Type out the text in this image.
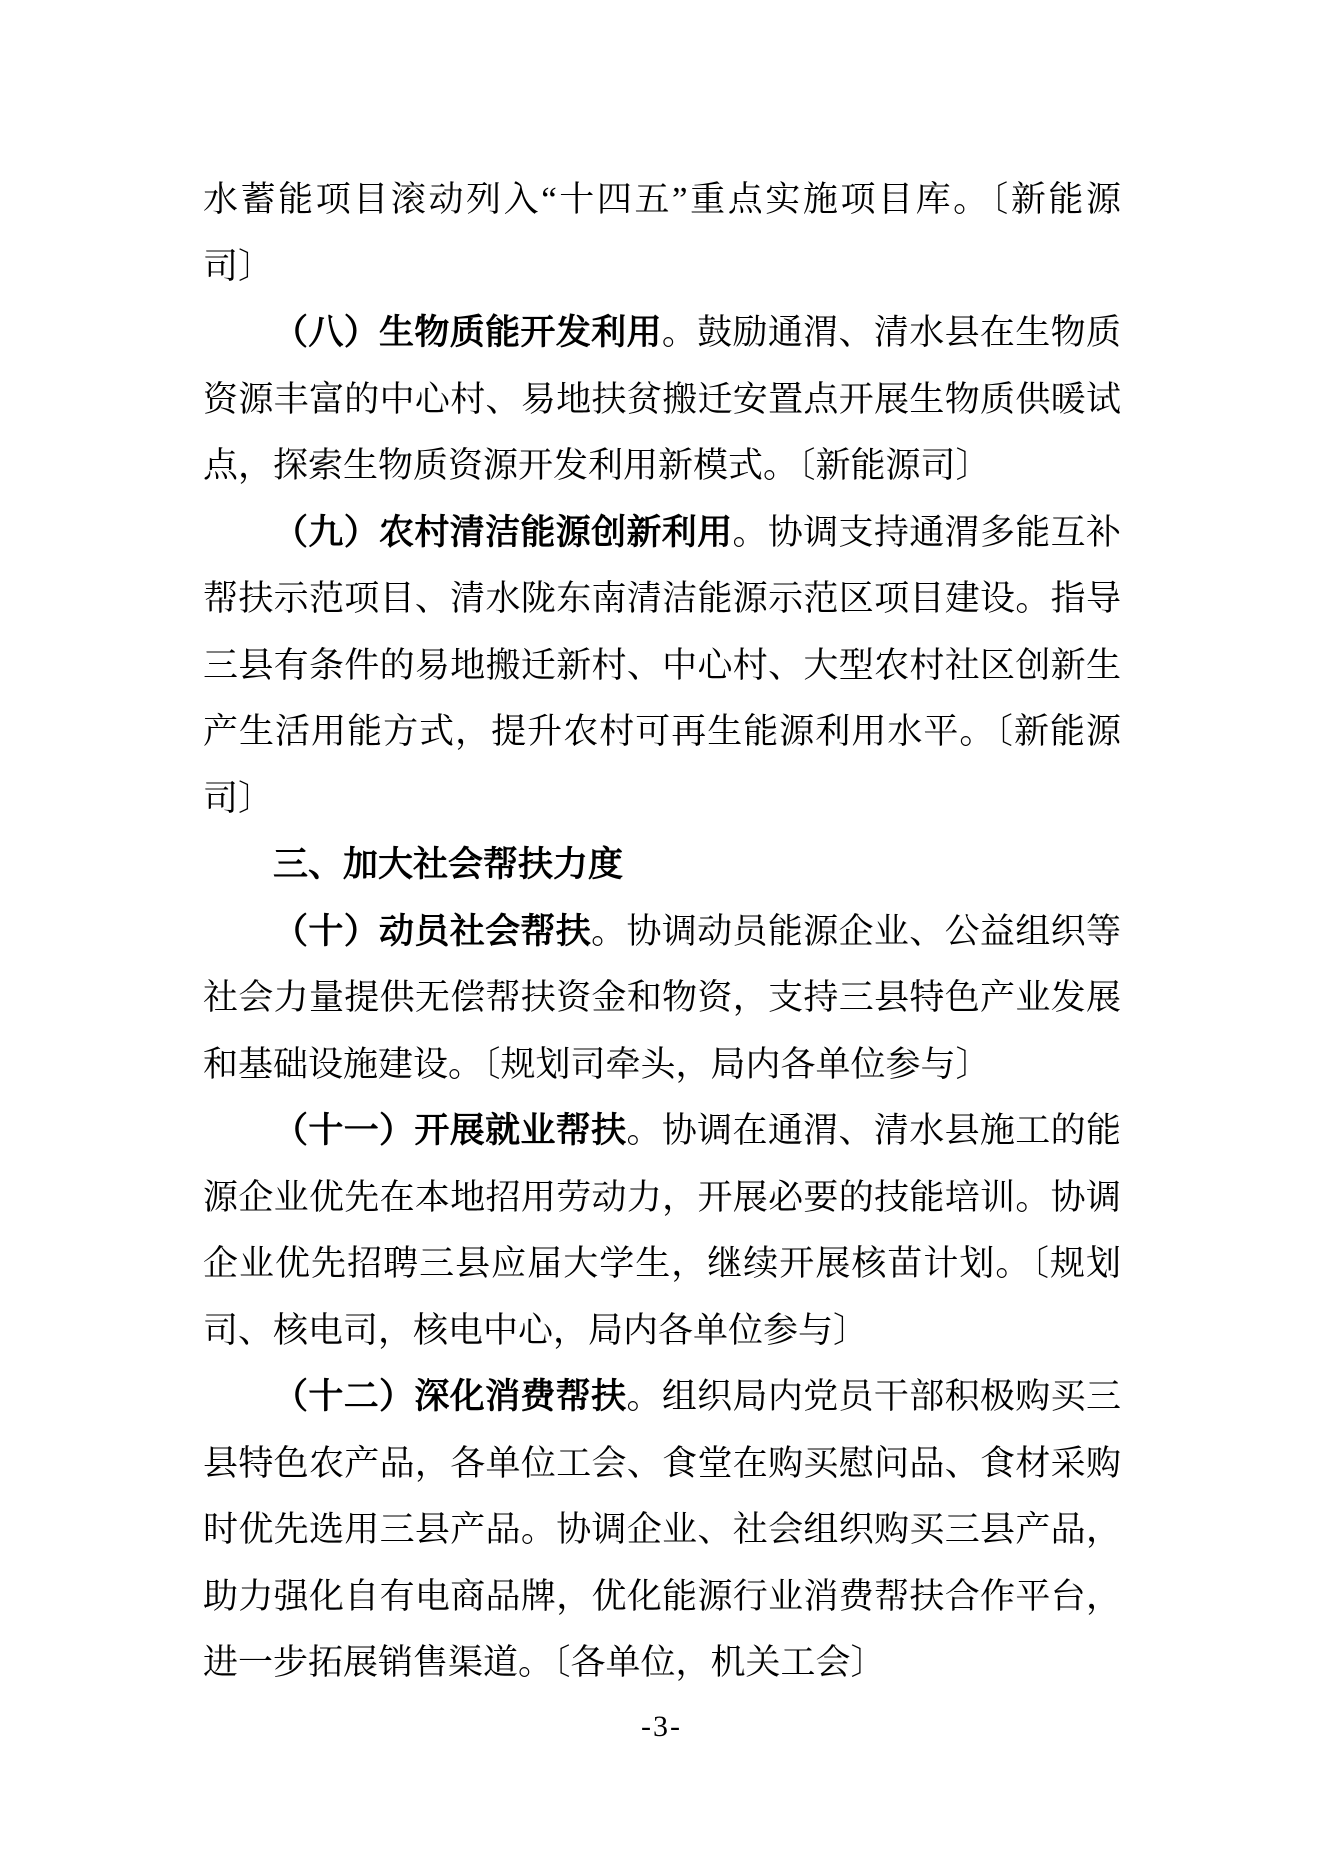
水蓄能项目滚动列入“十四五”重点实施项目库。〔新能源
司〕
（八）生物质能开发利用。鼓励通渭、清水县在生物质
资源丰富的中心村、易地扶贫搬迁安置点开展生物质供暖试
点，探索生物质资源开发利用新模式。〔新能源司〕
（九）农村清洁能源创新利用。协调支持通渭多能互补
帮扶示范项目、清水陇东南清洁能源示范区项目建设。指导
三县有条件的易地搬迁新村、中心村、大型农村社区创新生
产生活用能方式，提升农村可再生能源利用水平。〔新能源
司〕
三、加大社会帮扶力度
（十）动员社会帮扶。协调动员能源企业、公益组织等
社会力量提供无偿帮扶资金和物资，支持三县特色产业发展
和基础设施建设。〔规划司牵头，局内各单位参与〕
（十一）开展就业帮扶。协调在通渭、清水县施工的能
源企业优先在本地招用劳动力，开展必要的技能培训。协调
企业优先招聘三县应届大学生，继续开展核苗计划。〔规划
司、核电司，核电中心，局内各单位参与〕
（十二）深化消费帮扶。组织局内党员干部积极购买三
县特色农产品，各单位工会、食堂在购买慰问品、食材采购
时优先选用三县产品。协调企业、社会组织购买三县产品，
助力强化自有电商品牌，优化能源行业消费帮扶合作平台，
进一步拓展销售渠道。〔各单位，机关工会〕
-3-
